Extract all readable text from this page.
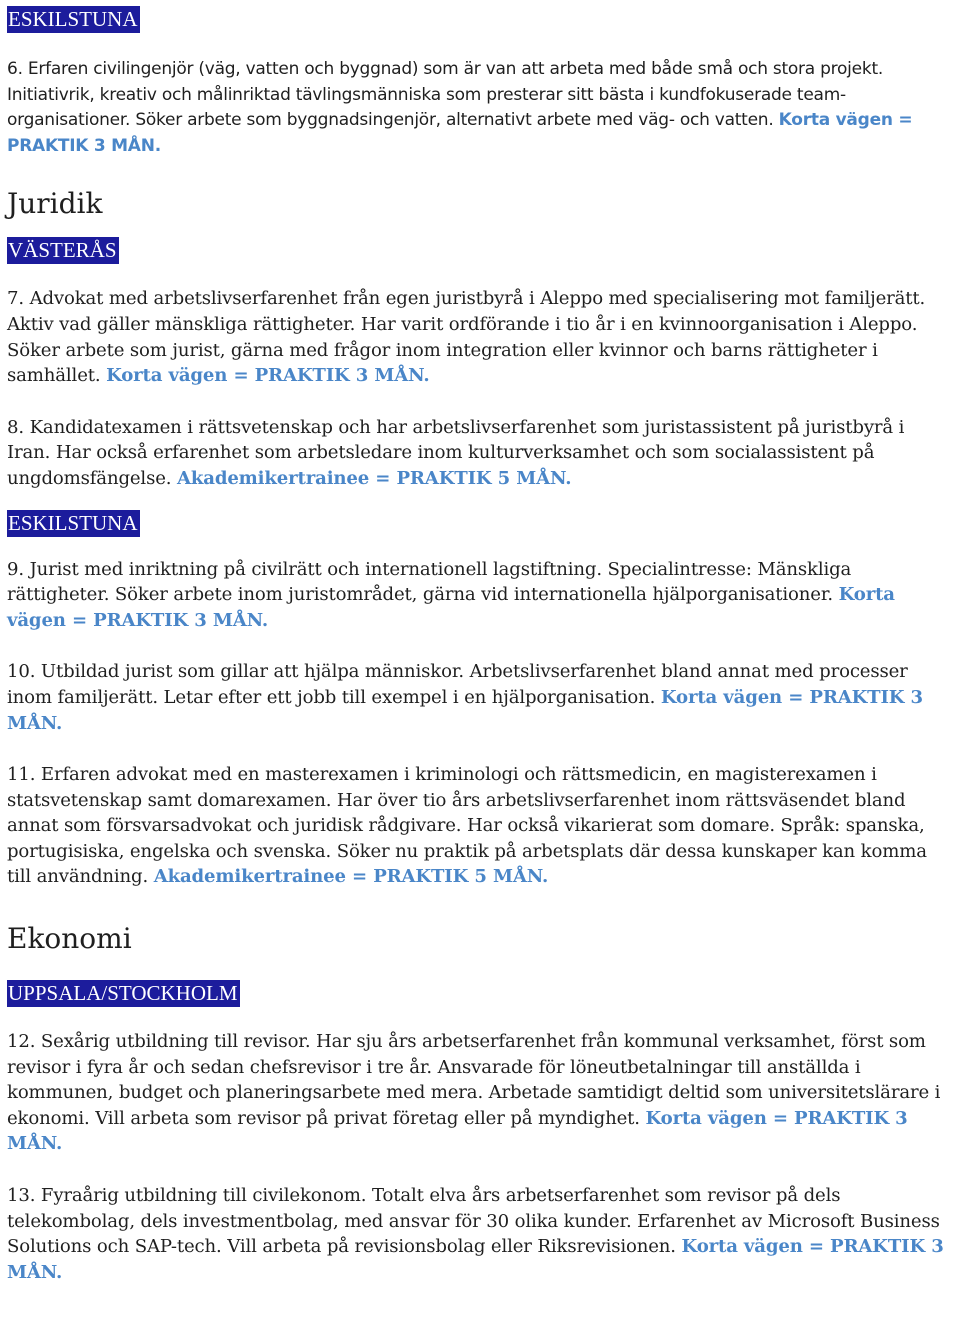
ESKILSTUNA

6. Erfaren civilingenjör (väg, vatten och byggnad) som är van att arbeta med både små och stora projekt. Initiativrik, kreativ och målinriktad tävlingsmänniska som presterar sitt bästa i kundfokuserade team-organisationer. Söker arbete som byggnadsingenjör, alternativt arbete med väg- och vatten. Korta vägen = PRAKTIK 3 MÅN.

Juridik
VÄSTERÅS

7. Advokat med arbetslivserfarenhet från egen juristbyrå i Aleppo med specialisering mot familjerätt. Aktiv vad gäller mänskliga rättigheter. Har varit ordförande i tio år i en kvinnoorganisation i Aleppo. Söker arbete som jurist, gärna med frågor inom integration eller kvinnor och barns rättigheter i samhället. Korta vägen = PRAKTIK 3 MÅN.

8. Kandidatexamen i rättsvetenskap och har arbetslivserfarenhet som juristassistent på juristbyrå i Iran. Har också erfarenhet som arbetsledare inom kulturverksamhet och som socialassistent på ungdomsfängelse. Akademikertrainee = PRAKTIK 5 MÅN.

ESKILSTUNA

9. Jurist med inriktning på civilrätt och internationell lagstiftning. Specialintresse: Mänskliga rättigheter. Söker arbete inom juristområdet, gärna vid internationella hjälporganisationer. Korta vägen = PRAKTIK 3 MÅN.

10. Utbildad jurist som gillar att hjälpa människor. Arbetslivserfarenhet bland annat med processer inom familjerätt. Letar efter ett jobb till exempel i en hjälporganisation. Korta vägen = PRAKTIK 3 MÅN.

11. Erfaren advokat med en masterexamen i kriminologi och rättsmedicin, en magisterexamen i statsvetenskap samt domarexamen. Har över tio års arbetslivserfarenhet inom rättsväsendet bland annat som försvarsadvokat och juridisk rådgivare. Har också vikarierat som domare. Språk: spanska, portugisiska, engelska och svenska. Söker nu praktik på arbetsplats där dessa kunskaper kan komma till användning. Akademikertrainee = PRAKTIK 5 MÅN.

Ekonomi
UPPSALA/STOCKHOLM

12. Sexårig utbildning till revisor. Har sju års arbetserfarenhet från kommunal verksamhet, först som revisor i fyra år och sedan chefsrevisor i tre år. Ansvarade för löneutbetalningar till anställda i kommunen, budget och planeringsarbete med mera. Arbetade samtidigt deltid som universitetslärare i ekonomi. Vill arbeta som revisor på privat företag eller på myndighet. Korta vägen = PRAKTIK 3 MÅN.

13. Fyraårig utbildning till civilekonom. Totalt elva års arbetserfarenhet som revisor på dels telekombolag, dels investmentbolag, med ansvar för 30 olika kunder. Erfarenhet av Microsoft Business Solutions och SAP-tech. Vill arbeta på revisionsbolag eller Riksrevisionen. Korta vägen = PRAKTIK 3 MÅN.
